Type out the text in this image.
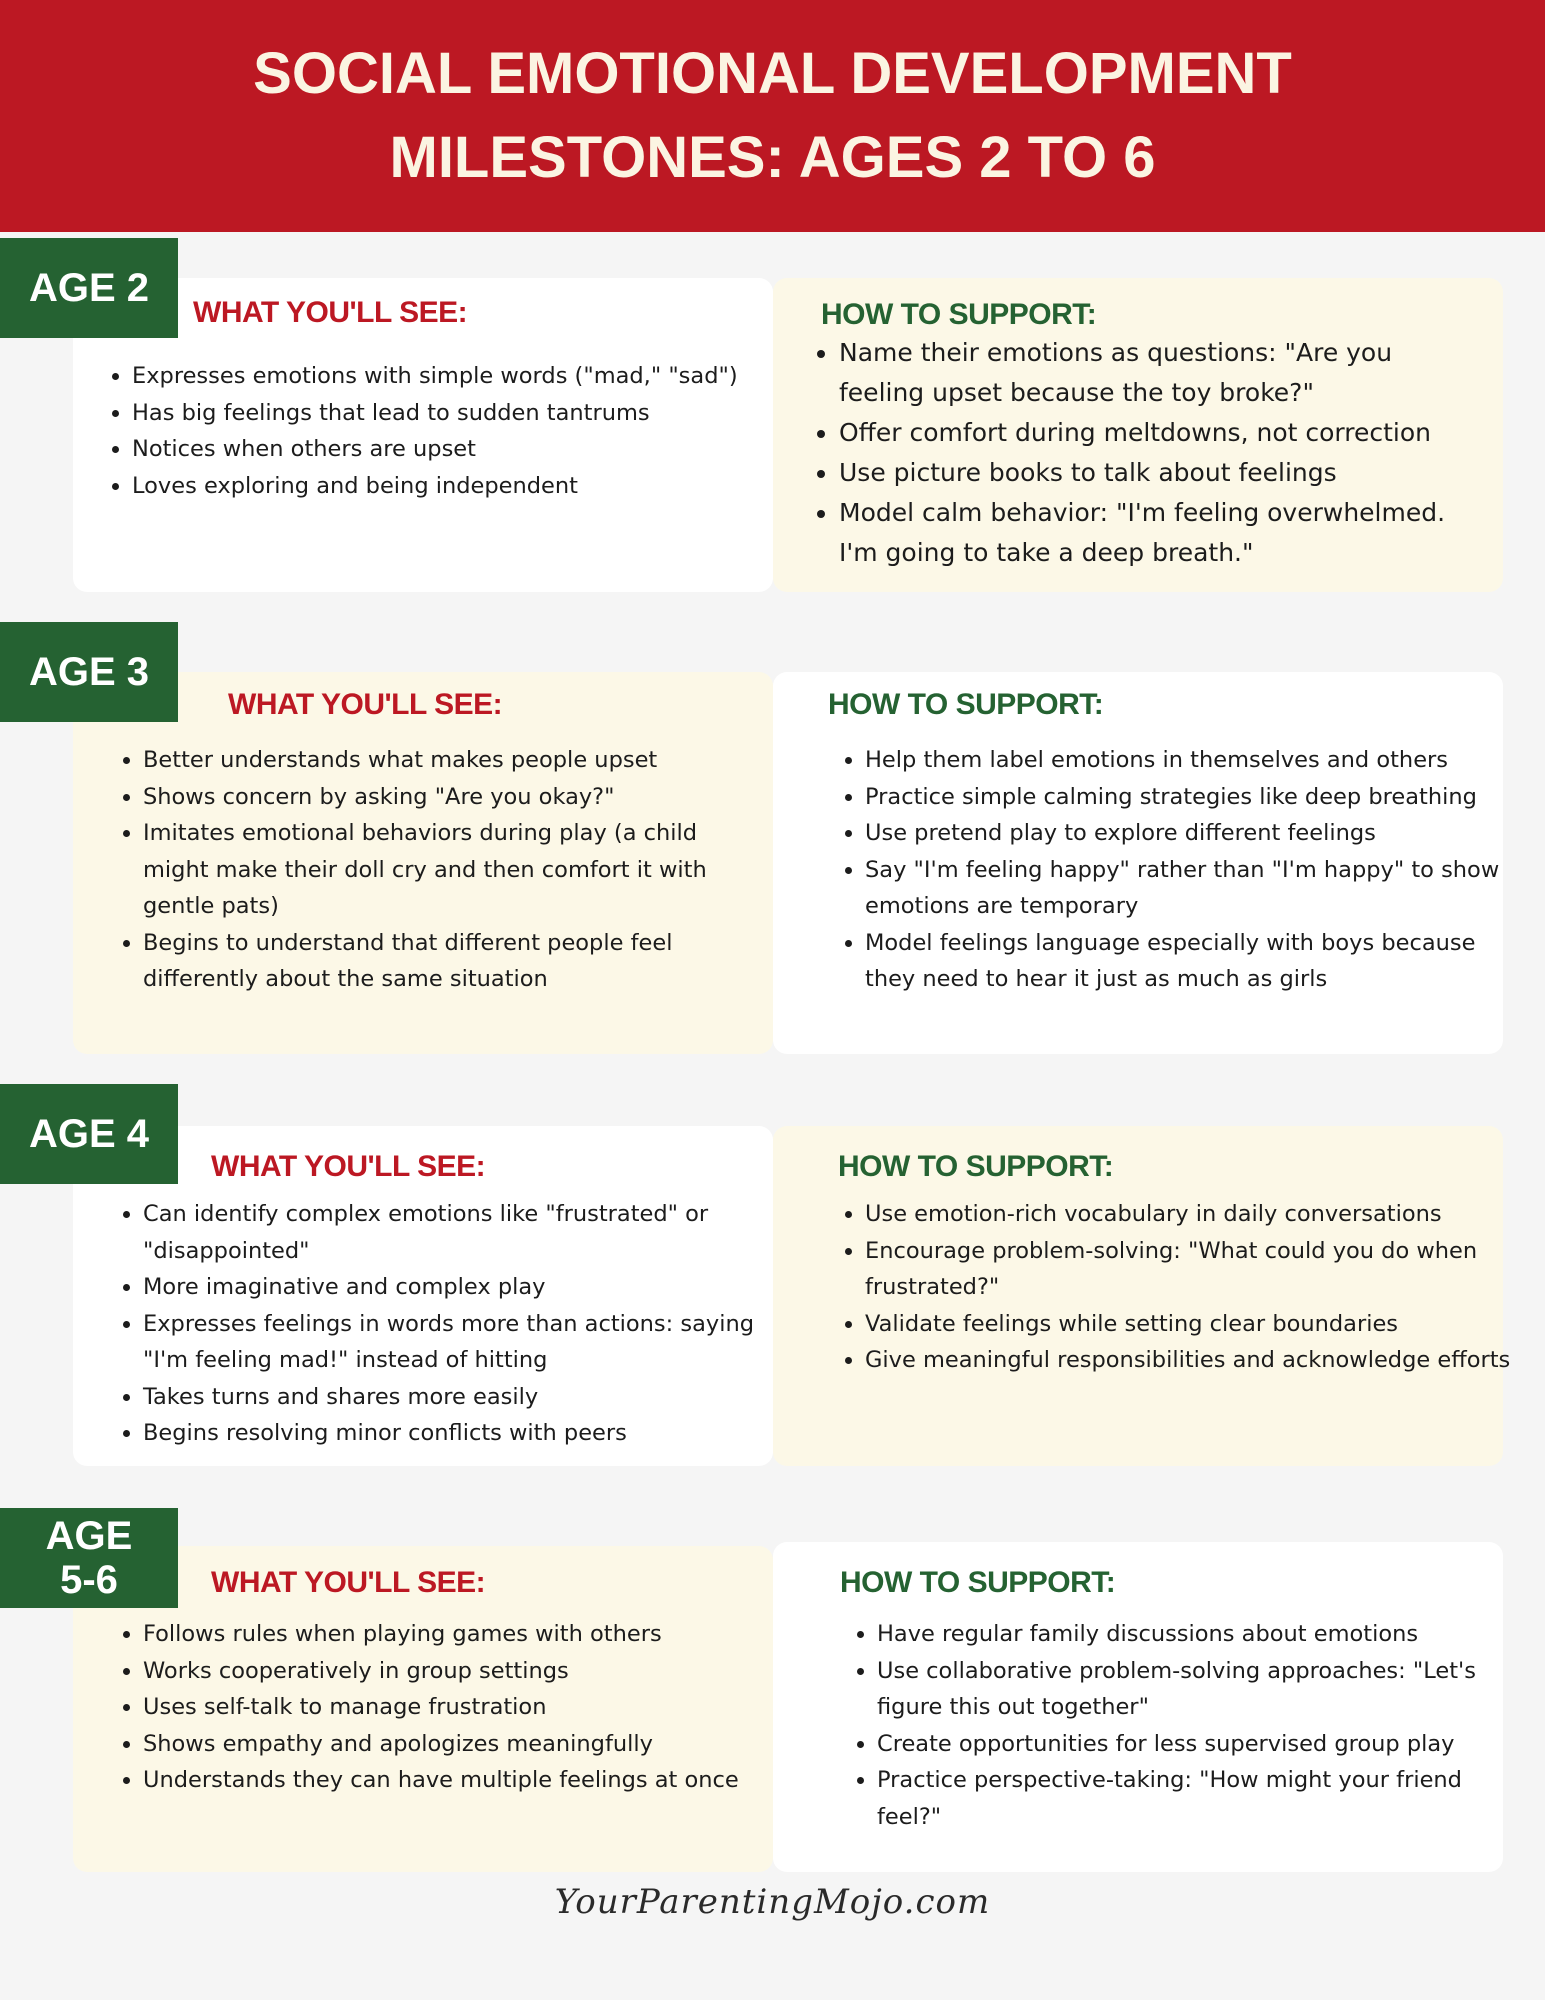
SOCIAL EMOTIONAL DEVELOPMENT
MILESTONES: AGES 2 TO 6
AGE 2
WHAT YOU'LL SEE:
• Expresses emotions with simple words ("mad," "sad")
• Has big feelings that lead to sudden tantrums
• Notices when others are upset
• Loves exploring and being independent
HOW TO SUPPORT:
• Name their emotions as questions: "Are you feeling upset because the toy broke?"
• Offer comfort during meltdowns, not correction
• Use picture books to talk about feelings
• Model calm behavior: "I'm feeling overwhelmed. I'm going to take a deep breath."
AGE 3
WHAT YOU'LL SEE:
• Better understands what makes people upset
• Shows concern by asking "Are you okay?"
• Imitates emotional behaviors during play (a child might make their doll cry and then comfort it with gentle pats)
• Begins to understand that different people feel differently about the same situation
HOW TO SUPPORT:
• Help them label emotions in themselves and others
• Practice simple calming strategies like deep breathing
• Use pretend play to explore different feelings
• Say "I'm feeling happy" rather than "I'm happy" to show emotions are temporary
• Model feelings language especially with boys because they need to hear it just as much as girls
AGE 4
WHAT YOU'LL SEE:
• Can identify complex emotions like "frustrated" or "disappointed"
• More imaginative and complex play
• Expresses feelings in words more than actions: saying "I'm feeling mad!" instead of hitting
• Takes turns and shares more easily
• Begins resolving minor conflicts with peers
HOW TO SUPPORT:
• Use emotion-rich vocabulary in daily conversations
• Encourage problem-solving: "What could you do when frustrated?"
• Validate feelings while setting clear boundaries
• Give meaningful responsibilities and acknowledge efforts
AGE 5-6	WHAT YOU'LL SEE:
• Follows rules when playing games with others
• Works cooperatively in group settings
• Uses self-talk to manage frustration
• Shows empathy and apologizes meaningfully
• Understands they can have multiple feelings at once
HOW TO SUPPORT:
• Have regular family discussions about emotions
• Use collaborative problem-solving approaches: "Let's figure this out together"
• Create opportunities for less supervised group play
• Practice perspective-taking: "How might your friend feel?"
YourParentingMojo.com
